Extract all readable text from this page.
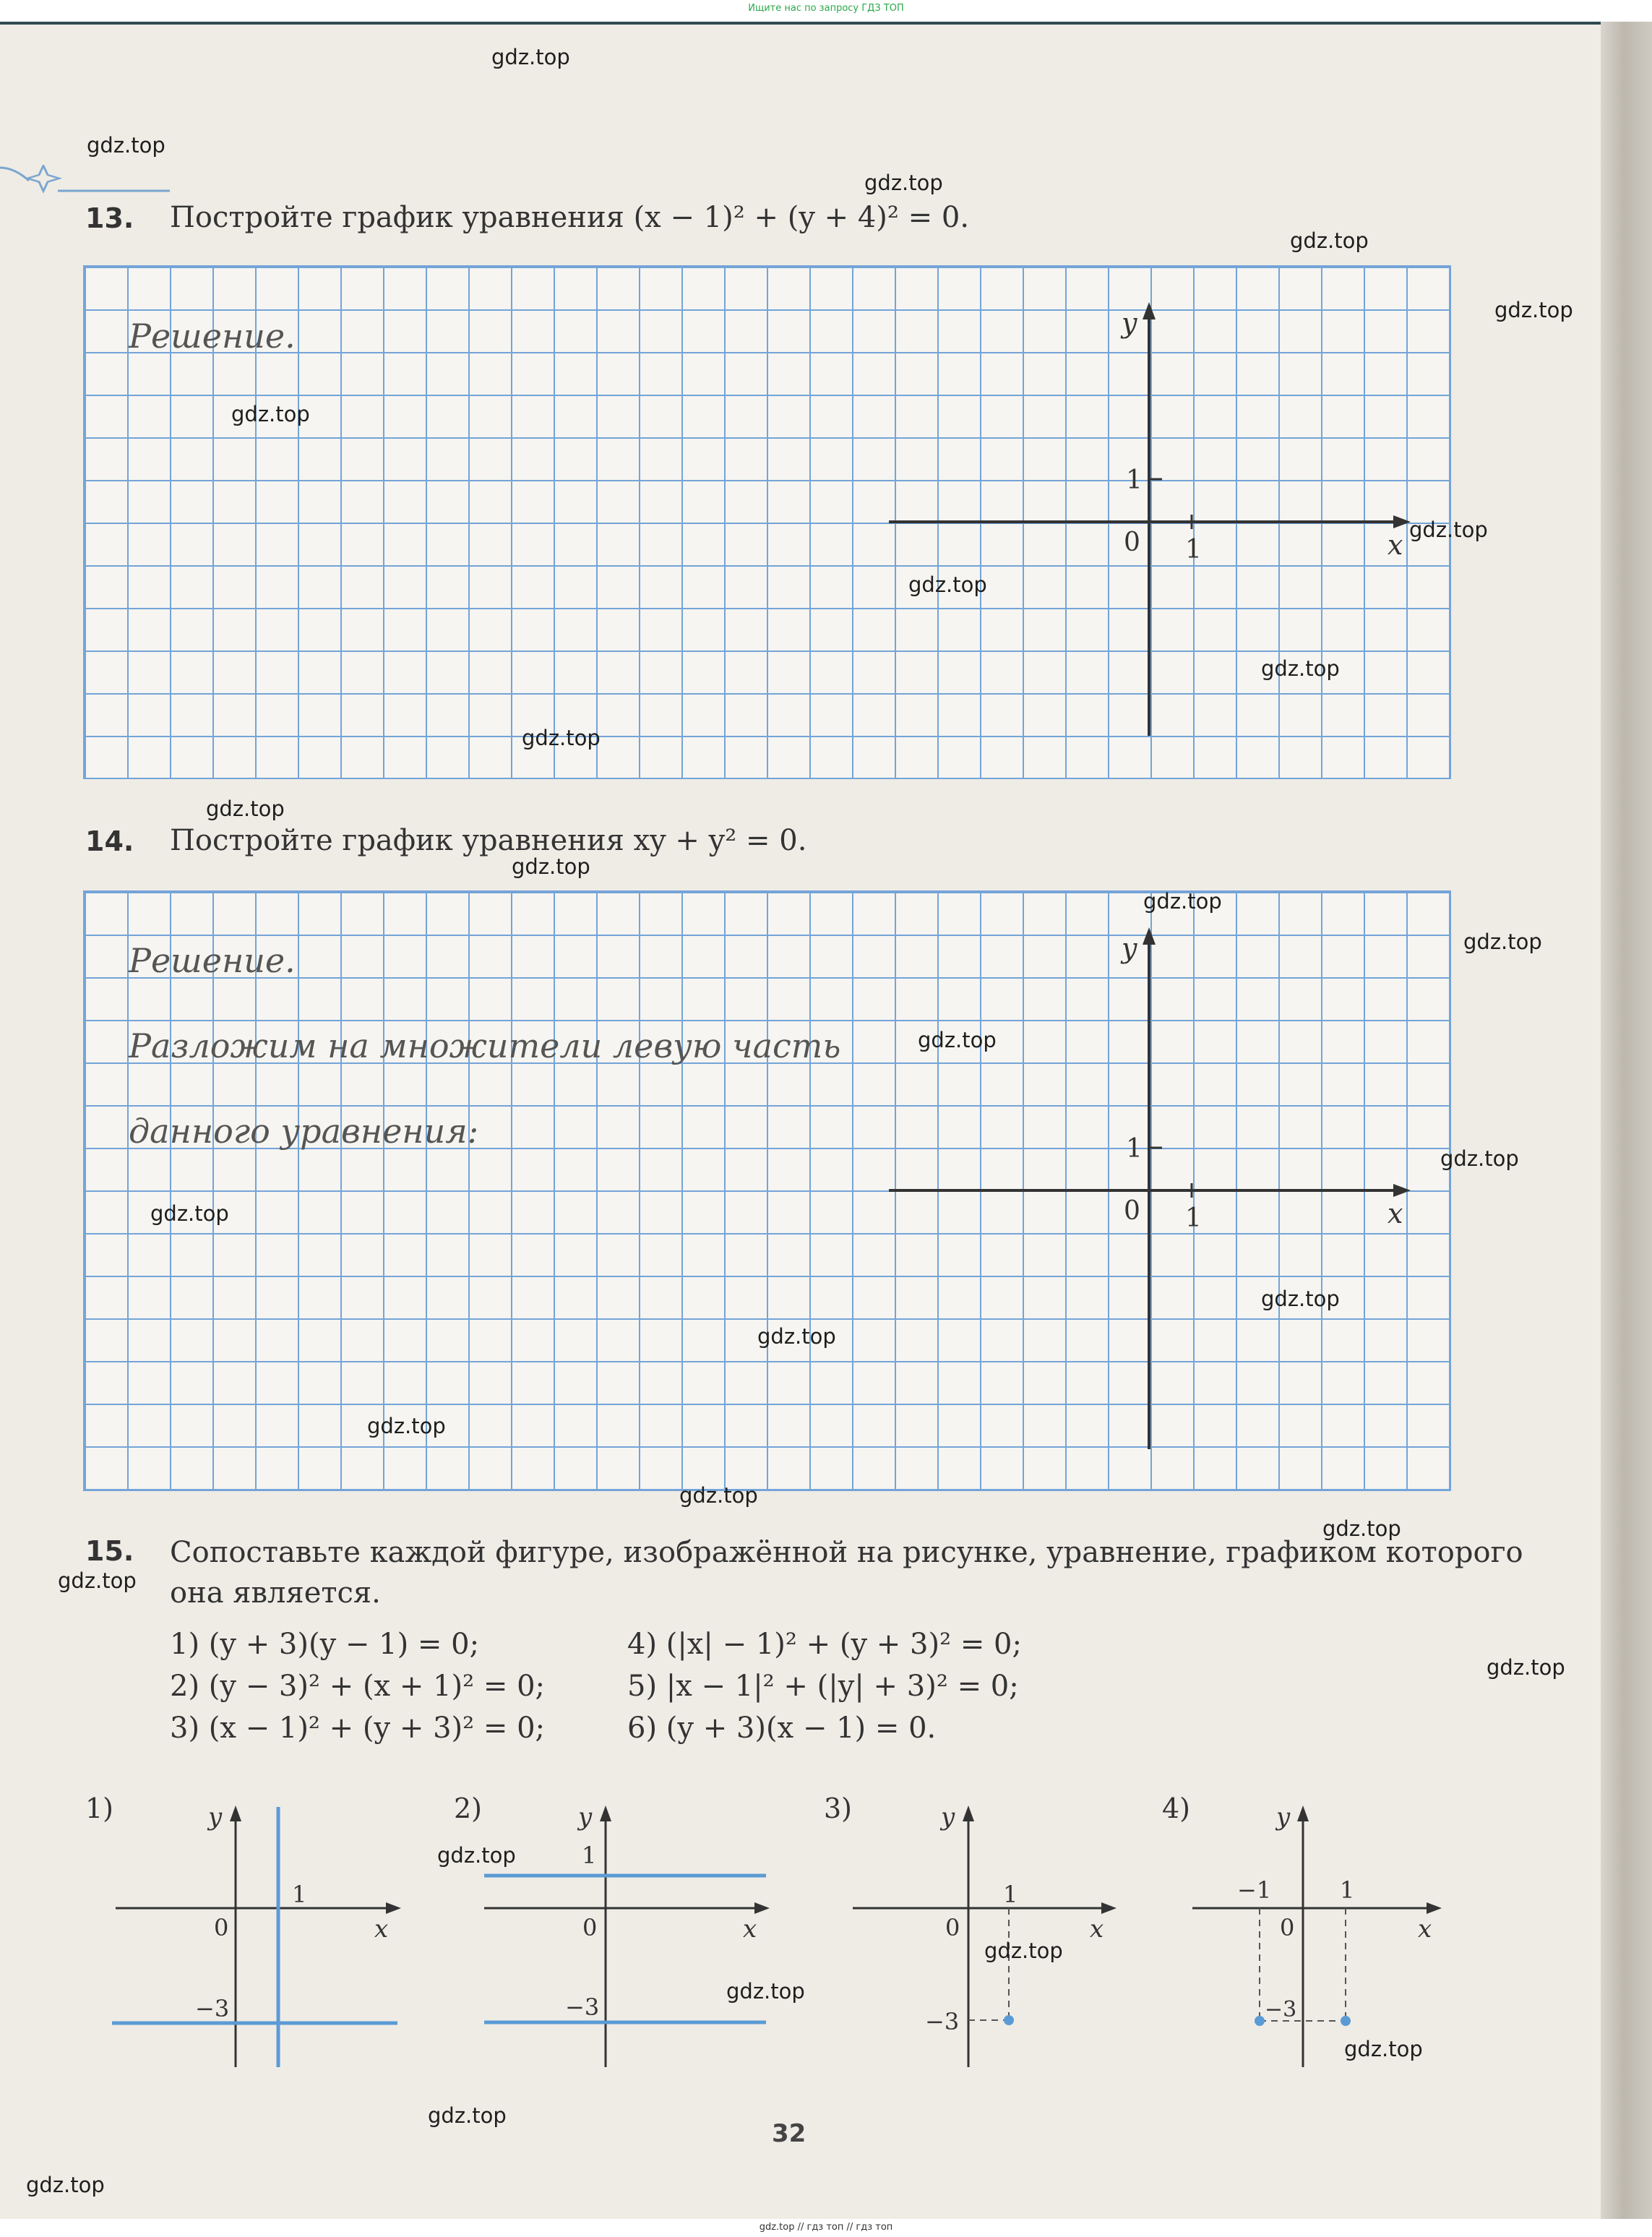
Ищите нас по запросу ГДЗ ТОП
gdz.top // гдз топ // гдз топ
13. Постройте график уравнения (x − 1)² + (y + 4)² = 0.
Решение.	y
x
0 1
1
14. Постройте график уравнения xy + y² = 0.
Решение.
Разложим на множители левую часть
данного уравнения:
y
x
0 1
1
15. Сопоставьте каждой фигуре, изображённой на рисунке, уравнение, графиком которого она является.
1) (y + 3)(y − 1) = 0;
2) (y − 3)² + (x + 1)² = 0;
3) (x − 1)² + (y + 3)² = 0;
4) (|x| − 1)² + (y + 3)² = 0;
5) |x − 1|² + (|y| + 3)² = 0;
6) (y + 3)(x − 1) = 0.
1)	y
x
0
1
−3
2)	y
x
0
1
−3
3)	y
x
0
1
−3
4)	y
x
0
−1	1
−3
32
gdz.top
gdz.top
gdz.top
gdz.top
gdz.top
gdz.top
gdz.top
gdz.top
gdz.top
gdz.top
gdz.top
gdz.top
gdz.top
gdz.top
gdz.top
gdz.top
gdz.top
gdz.top
gdz.top
gdz.top
gdz.top
gdz.top
gdz.top
gdz.top
gdz.top
gdz.top
gdz.top
gdz.top
gdz.top
gdz.top
